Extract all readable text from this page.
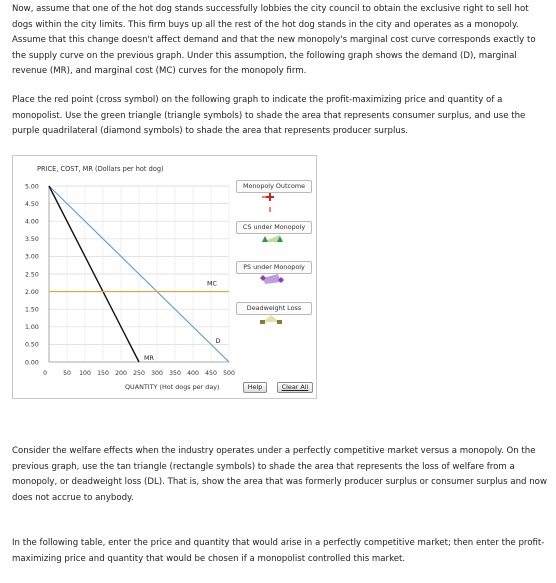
Now, assume that one of the hot dog stands successfully lobbies the city council to obtain the exclusive right to sell hot dogs within the city limits. This firm buys up all the rest of the hot dog stands in the city and operates as a monopoly. Assume that this change doesn't affect demand and that the new monopoly's marginal cost curve corresponds exactly to the supply curve on the previous graph. Under this assumption, the following graph shows the demand (D), marginal revenue (MR), and marginal cost (MC) curves for the monopoly firm.

Place the red point (cross symbol) on the following graph to indicate the profit-maximizing price and quantity of a monopolist. Use the green triangle (triangle symbols) to shade the area that represents consumer surplus, and use the purple quadrilateral (diamond symbols) to shade the area that represents producer surplus.

PRICE, COST, MR (Dollars per hot dog)
QUANTITY (Hot dogs per day)
D
MR
MC
5.00
4.50
4.00
3.50
3.00
2.50
2.00
1.50
1.00
0.50
0.00
0	50 100 150 200 250 300 350 400 450 500
Monopoly Outcome
CS under Monopoly
PS under Monopoly
Deadweight Loss
Help	Clear All

Consider the welfare effects when the industry operates under a perfectly competitive market versus a monopoly. On the previous graph, use the tan triangle (rectangle symbols) to shade the area that represents the loss of welfare from a monopoly, or deadweight loss (DL). That is, show the area that was formerly producer surplus or consumer surplus and now does not accrue to anybody.

In the following table, enter the price and quantity that would arise in a perfectly competitive market; then enter the profit-maximizing price and quantity that would be chosen if a monopolist controlled this market.
